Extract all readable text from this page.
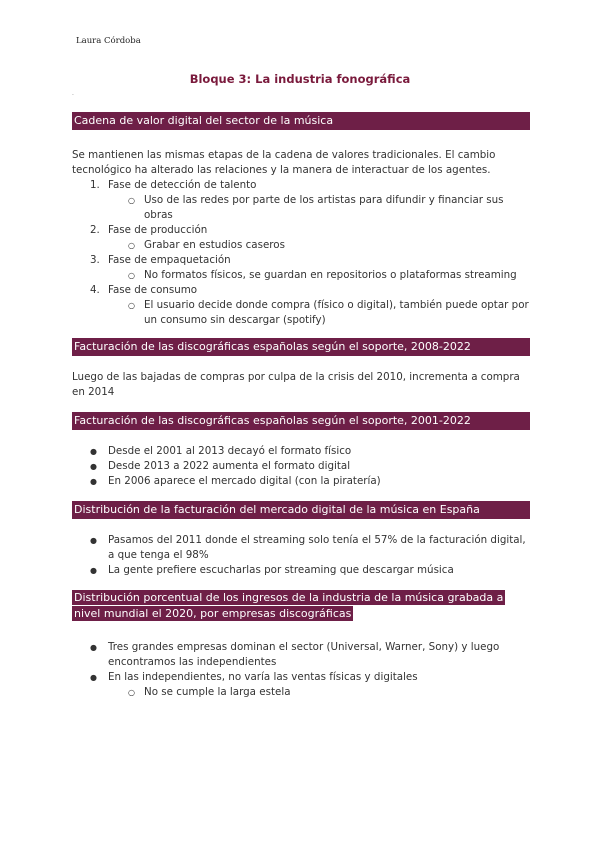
Laura Córdoba
Bloque 3: La industria fonográfica
.
Cadena de valor digital del sector de la música

Se mantienen las mismas etapas de la cadena de valores tradicionales. El cambio tecnológico ha alterado las relaciones y la manera de interactuar de los agentes.

1. Fase de detección de talento
○ Uso de las redes por parte de los artistas para difundir y financiar sus obras
2. Fase de producción
○ Grabar en estudios caseros
3. Fase de empaquetación
○ No formatos físicos, se guardan en repositorios o plataformas streaming
4. Fase de consumo
○ El usuario decide donde compra (físico o digital), también puede optar por un consumo sin descargar (spotify)
Facturación de las discográficas españolas según el soporte, 2008-2022

Luego de las bajadas de compras por culpa de la crisis del 2010, incrementa a compra en 2014

Facturación de las discográficas españolas según el soporte, 2001-2022
● Desde el 2001 al 2013 decayó el formato físico
● Desde 2013 a 2022 aumenta el formato digital
● En 2006 aparece el mercado digital (con la piratería)
Distribución de la facturación del mercado digital de la música en España
● Pasamos del 2011 donde el streaming solo tenía el 57% de la facturación digital, a que tenga el 98%
● La gente prefiere escucharlas por streaming que descargar música
Distribución porcentual de los ingresos de la industria de la música grabada a nivel mundial el 2020, por empresas discográficas
● Tres grandes empresas dominan el sector (Universal, Warner, Sony) y luego encontramos las independientes
● En las independientes, no varía las ventas físicas y digitales
○ No se cumple la larga estela
